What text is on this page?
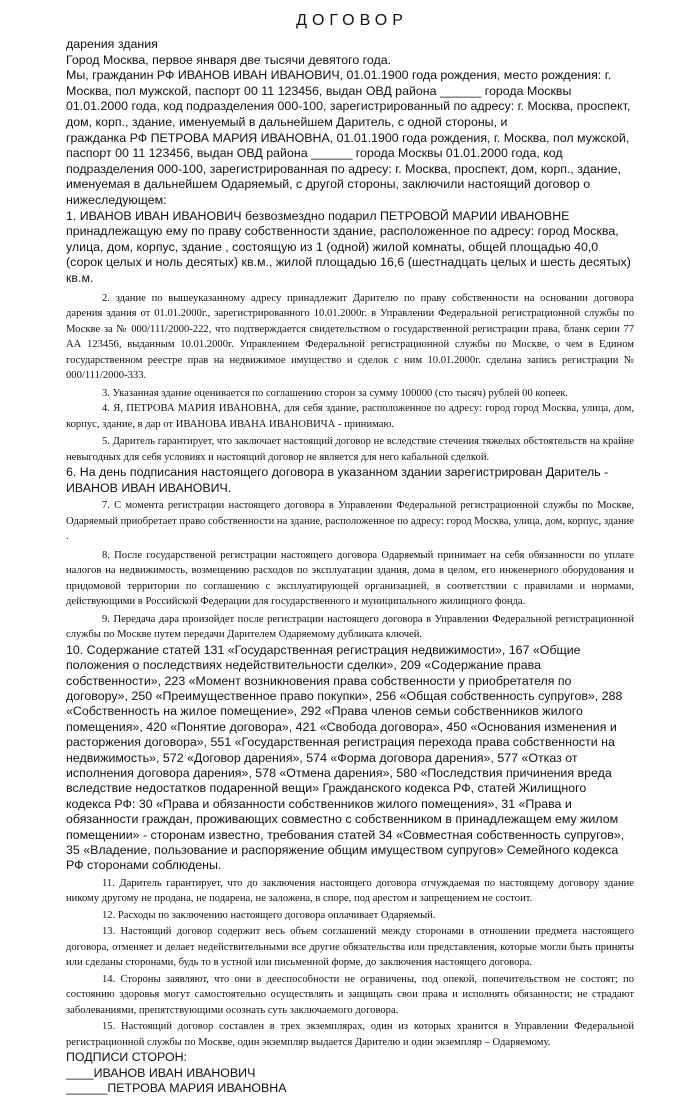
ДОГОВОР

дарения здания

Город Москва, первое января две тысячи девятого года.

Мы, гражданин РФ ИВАНОВ ИВАН ИВАНОВИЧ, 01.01.1900 года рождения, место рождения: г. Москва, пол мужской, паспорт 00 11 123456, выдан ОВД района ______ города Москвы 01.01.2000 года, код подразделения 000-100, зарегистрированный по адресу: г. Москва, проспект, дом, корп., здание, именуемый в дальнейшем Даритель, с одной стороны, и

гражданка РФ ПЕТРОВА МАРИЯ ИВАНОВНА, 01.01.1900 года рождения, г. Москва, пол мужской, паспорт 00 11 123456, выдан ОВД района ______ города Москвы 01.01.2000 года, код подразделения 000-100, зарегистрированная по адресу: г. Москва, проспект, дом, корп., здание, именуемая в дальнейшем Одаряемый, с другой стороны, заключили настоящий договор о нижеследующем:

1. ИВАНОВ ИВАН ИВАНОВИЧ безвозмездно подарил ПЕТРОВОЙ МАРИИ ИВАНОВНЕ принадлежащую ему по праву собственности здание, расположенное по адресу: город Москва, улица, дом, корпус, здание , состоящую из 1 (одной) жилой комнаты, общей площадью 40,0 (сорок целых и ноль десятых) кв.м., жилой площадью 16,6 (шестнадцать целых и шесть десятых) кв.м.

2. здание по вышеуказанному адресу принадлежит Дарителю по праву собственности на основании договора дарения здания от 01.01.2000г., зарегистрированного 10.01.2000г. в Управлении Федеральной регистрационной службы по Москве за № 000/111/2000-222, что подтверждается свидетельством о государственной регистрации права, бланк серии 77 АА 123456, выданным 10.01.2000г. Управлением Федеральной регистрационной службы по Москве, о чем в Едином государственном реестре прав на недвижимое имущество и сделок с ним 10.01.2000г. сделана запись регистрации № 000/111/2000-333.

3. Указанная здание оценивается по соглашению сторон за сумму 100000 (сто тысяч) рублей 00 копеек.

4. Я, ПЕТРОВА МАРИЯ ИВАНОВНА, для себя здание, расположенное по адресу: город город Москва, улица, дом, корпус, здание, в дар от ИВАНОВА ИВАНА ИВАНОВИЧА - принимаю.

5. Даритель гарантирует, что заключает настоящий договор не вследствие стечения тяжелых обстоятельств на крайне невыгодных для себя условиях и настоящий договор не является для него кабальной сделкой.

6. На день подписания настоящего договора в указанном здании зарегистрирован Даритель - ИВАНОВ ИВАН ИВАНОВИЧ.

7. С момента регистрации настоящего договора в Управлении Федеральной регистрационной службы по Москве, Одаряемый приобретает право собственности на здание, расположенное по адресу: город Москва, улица, дом, корпус, здание .

8. После государственой регистрации настоящего договора Одаряемый принимает на себя обязанности по уплате налогов на недвижимость, возмещению расходов по эксплуатации здания, дома в целом, его инженерного оборудования и придомовой территории по соглашению с эксплуатирующей организацией, в соответствии с правилами и нормами, действующими в Российской Федерации для государственного и муниципального жилищного фонда.

9. Передача дара произойдет после регистрации настоящего договора в Управлении Федеральной регистрационной службы по Москве путем передачи Дарителем Одаряемому дубликата ключей.

10. Содержание статей 131 «Государственная регистрация недвижимости», 167 «Общие положения о последствиях недействительности сделки», 209 «Содержание права собственности», 223 «Момент возникновения права собственности у приобретателя по договору», 250 «Преимущественное право покупки», 256 «Общая собственность супругов», 288 «Собственность на жилое помещение», 292 «Права членов семьи собственников жилого помещения», 420 «Понятие договора», 421 «Свобода договора», 450 «Основания изменения и расторжения договора», 551 «Государственная регистрация перехода права собственности на недвижимость», 572 «Договор дарения», 574 «Форма договора дарения», 577 «Отказ от исполнения договора дарения», 578 «Отмена дарения», 580 «Последствия причинения вреда вследствие недостатков подаренной вещи» Гражданского кодекса РФ, статей Жилищного кодекса РФ: 30 «Права и обязанности собственников жилого помещения», 31 «Права и обязанности граждан, проживающих совместно с собственником в принадлежащем ему жилом помещении» - сторонам известно, требования статей 34 «Совместная собственность супругов», 35 «Владение, пользование и распоряжение общим имуществом супругов» Семейного кодекса РФ сторонами соблюдены.

11. Даритель гарантирует, что до заключения настоящего договора отчуждаемая по настоящему договору здание никому другому не продана, не подарена, не заложена, в споре, под арестом и запрещением не состоит.

12. Расходы по заключению настоящего договора оплачивает Одаряемый.

13. Настоящий договор содержит весь объем соглашений между сторонами в отношении предмета настоящего договора, отменяет и делает недействительными все другие обязательства или представления, которые могли быть приняты или сделаны сторонами, будь то в устной или письменной форме, до заключения настоящего договора.

14. Стороны заявляют, что они в дееспособности не ограничены, под опекой, попечительством не состоят; по состоянию здоровья могут самостоятельно осуществлять и защищать свои права и исполнять обязанности; не страдают заболеваниями, препятствующими осознать суть заключаемого договора.

15. Настоящий договор составлен в трех экземплярах, один из которых хранится в Управлении Федеральной регистрационной службы по Москве, один экземпляр выдается Дарителю и один экземпляр – Одаряемому.

ПОДПИСИ СТОРОН:

____ИВАНОВ ИВАН ИВАНОВИЧ

______ПЕТРОВА МАРИЯ ИВАНОВНА
